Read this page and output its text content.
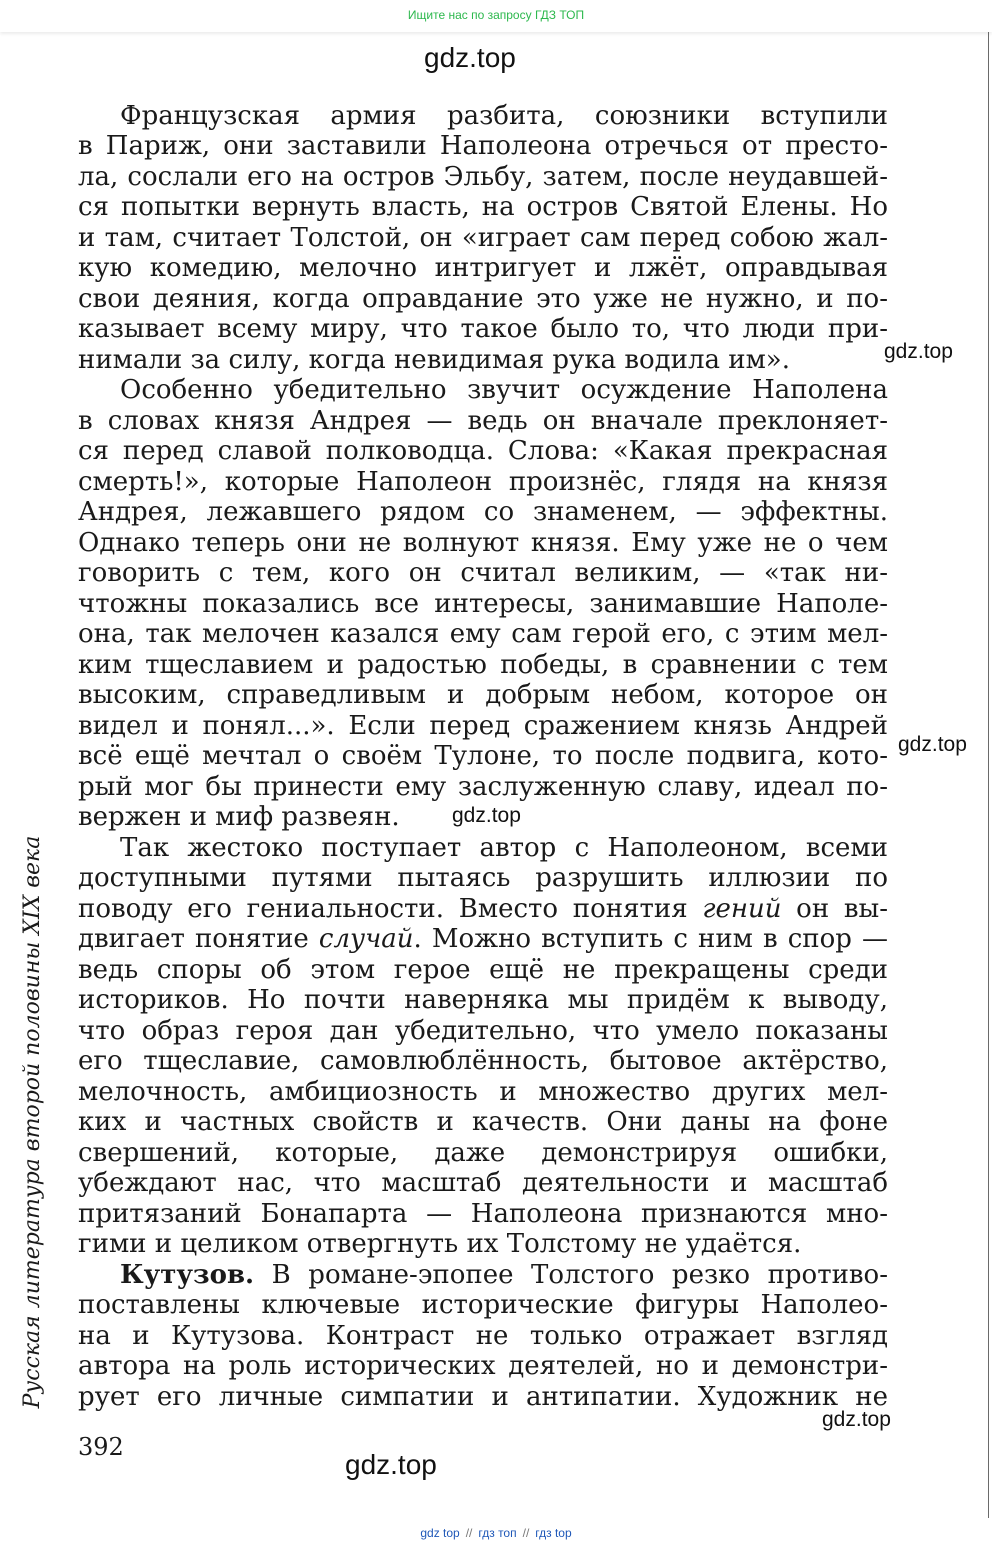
Ищите нас по запросу ГДЗ ТОП
Французская армия разбита, союзники вступили
в Париж, они заставили Наполеона отречься от престо-
ла, сослали его на остров Эльбу, затем, после неудавшей-
ся попытки вернуть власть, на остров Святой Елены. Но
и там, считает Толстой, он «играет сам перед собою жал-
кую комедию, мелочно интригует и лжёт, оправдывая
свои деяния, когда оправдание это уже не нужно, и по-
казывает всему миру, что такое было то, что люди при-
нимали за силу, когда невидимая рука водила им».
Особенно убедительно звучит осуждение Наполена
в словах князя Андрея — ведь он вначале преклоняет-
ся перед славой полководца. Слова: «Какая прекрасная
смерть!», которые Наполеон произнёс, глядя на князя
Андрея, лежавшего рядом со знаменем, — эффектны.
Однако теперь они не волнуют князя. Ему уже не о чем
говорить с тем, кого он считал великим, — «так ни-
чтожны показались все интересы, занимавшие Наполе-
она, так мелочен казался ему сам герой его, с этим мел-
ким тщеславием и радостью победы, в сравнении с тем
высоким, справедливым и добрым небом, которое он
видел и понял...». Если перед сражением князь Андрей
всё ещё мечтал о своём Тулоне, то после подвига, кото-
рый мог бы принести ему заслуженную славу, идеал по-
вержен и миф развеян.
Так жестоко поступает автор с Наполеоном, всеми
доступными путями пытаясь разрушить иллюзии по
поводу его гениальности. Вместо понятия гений он вы-
двигает понятие случай. Можно вступить с ним в спор —
ведь споры об этом герое ещё не прекращены среди
историков. Но почти наверняка мы придём к выводу,
что образ героя дан убедительно, что умело показаны
его тщеславие, самовлюблённость, бытовое актёрство,
мелочность, амбициозность и множество других мел-
ких и частных свойств и качеств. Они даны на фоне
свершений, которые, даже демонстрируя ошибки,
убеждают нас, что масштаб деятельности и масштаб
притязаний Бонапарта — Наполеона признаются мно-
гими и целиком отвергнуть их Толстому не удаётся.
Кутузов. В романе-эпопее Толстого резко противо-
поставлены ключевые исторические фигуры Наполео-
на и Кутузова. Контраст не только отражает взгляд
автора на роль исторических деятелей, но и демонстри-
рует его личные симпатии и антипатии. Художник не
Русская литература второй половины XIX века
392
gdz.top
gdz.top
gdz.top
gdz.top
gdz.top
gdz.top
gdz top // гдз топ // гдз top
